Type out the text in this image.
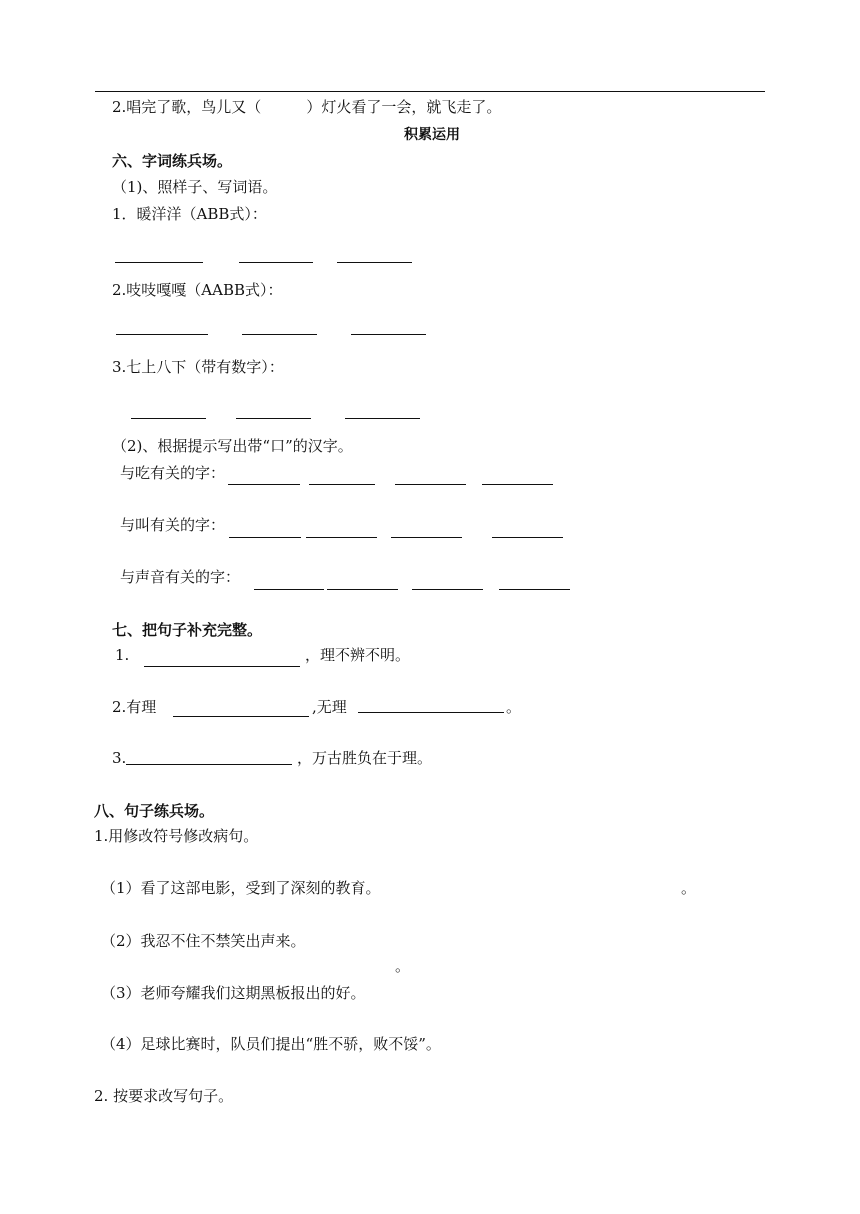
2.唱完了歌，鸟儿又（　　　）灯火看了一会，就飞走了。
积累运用
六、字词练兵场。
（1)、照样子、写词语。
1．暖洋洋（ABB式）：
2.吱吱嘎嘎（AABB式）：
3.七上八下（带有数字）：
（2)、根据提示写出带“口”的汉字。
与吃有关的字：
与叫有关的字：
与声音有关的字：
七、把句子补充完整。
1.	，理不辨不明。
2.有理	,无理	。
3.	，万古胜负在于理。
八、句子练兵场。
1.用修改符号修改病句。
（1）看了这部电影，受到了深刻的教育。	。
（2）我忍不住不禁笑出声来。
。
（3）老师夸耀我们这期黑板报出的好。
（4）足球比赛时，队员们提出“胜不骄，败不馁”。
2. 按要求改写句子。
